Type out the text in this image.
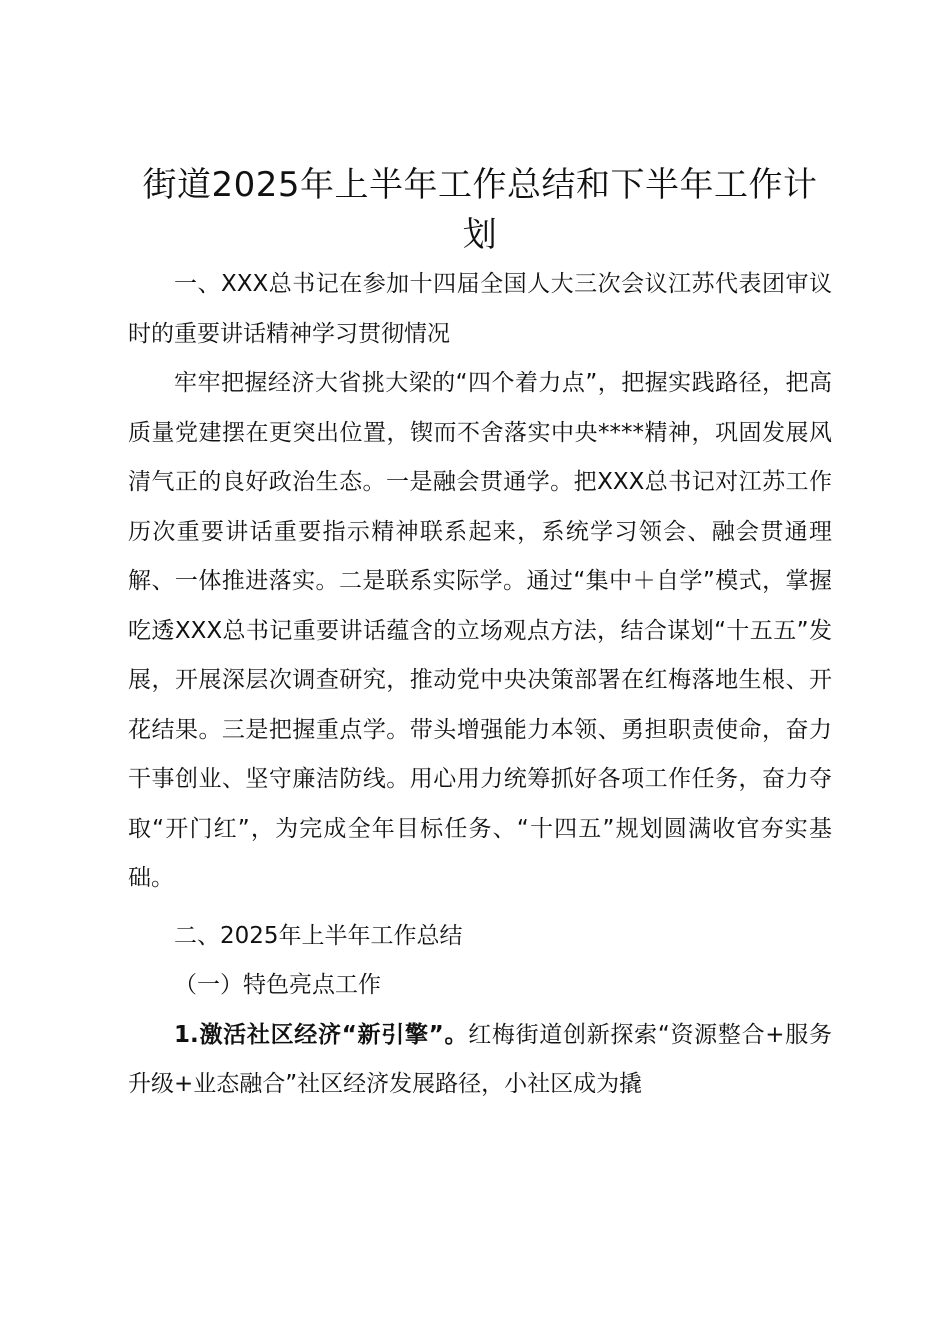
街道2025年上半年工作总结和下半年工作计划

一、XXX总书记在参加十四届全国人大三次会议江苏代表团审议时的重要讲话精神学习贯彻情况

牢牢把握经济大省挑大梁的“四个着力点”，把握实践路径，把高质量党建摆在更突出位置，锲而不舍落实中央****精神，巩固发展风清气正的良好政治生态。一是融会贯通学。把XXX总书记对江苏工作历次重要讲话重要指示精神联系起来，系统学习领会、融会贯通理解、一体推进落实。二是联系实际学。通过“集中＋自学”模式，掌握吃透XXX总书记重要讲话蕴含的立场观点方法，结合谋划“十五五”发展，开展深层次调查研究，推动党中央决策部署在红梅落地生根、开花结果。三是把握重点学。带头增强能力本领、勇担职责使命，奋力干事创业、坚守廉洁防线。用心用力统筹抓好各项工作任务，奋力夺取“开门红”，为完成全年目标任务、“十四五”规划圆满收官夯实基础。

二、2025年上半年工作总结

（一）特色亮点工作

1.激活社区经济“新引擎”。红梅街道创新探索“资源整合+服务升级+业态融合”社区经济发展路径，小社区成为撬
